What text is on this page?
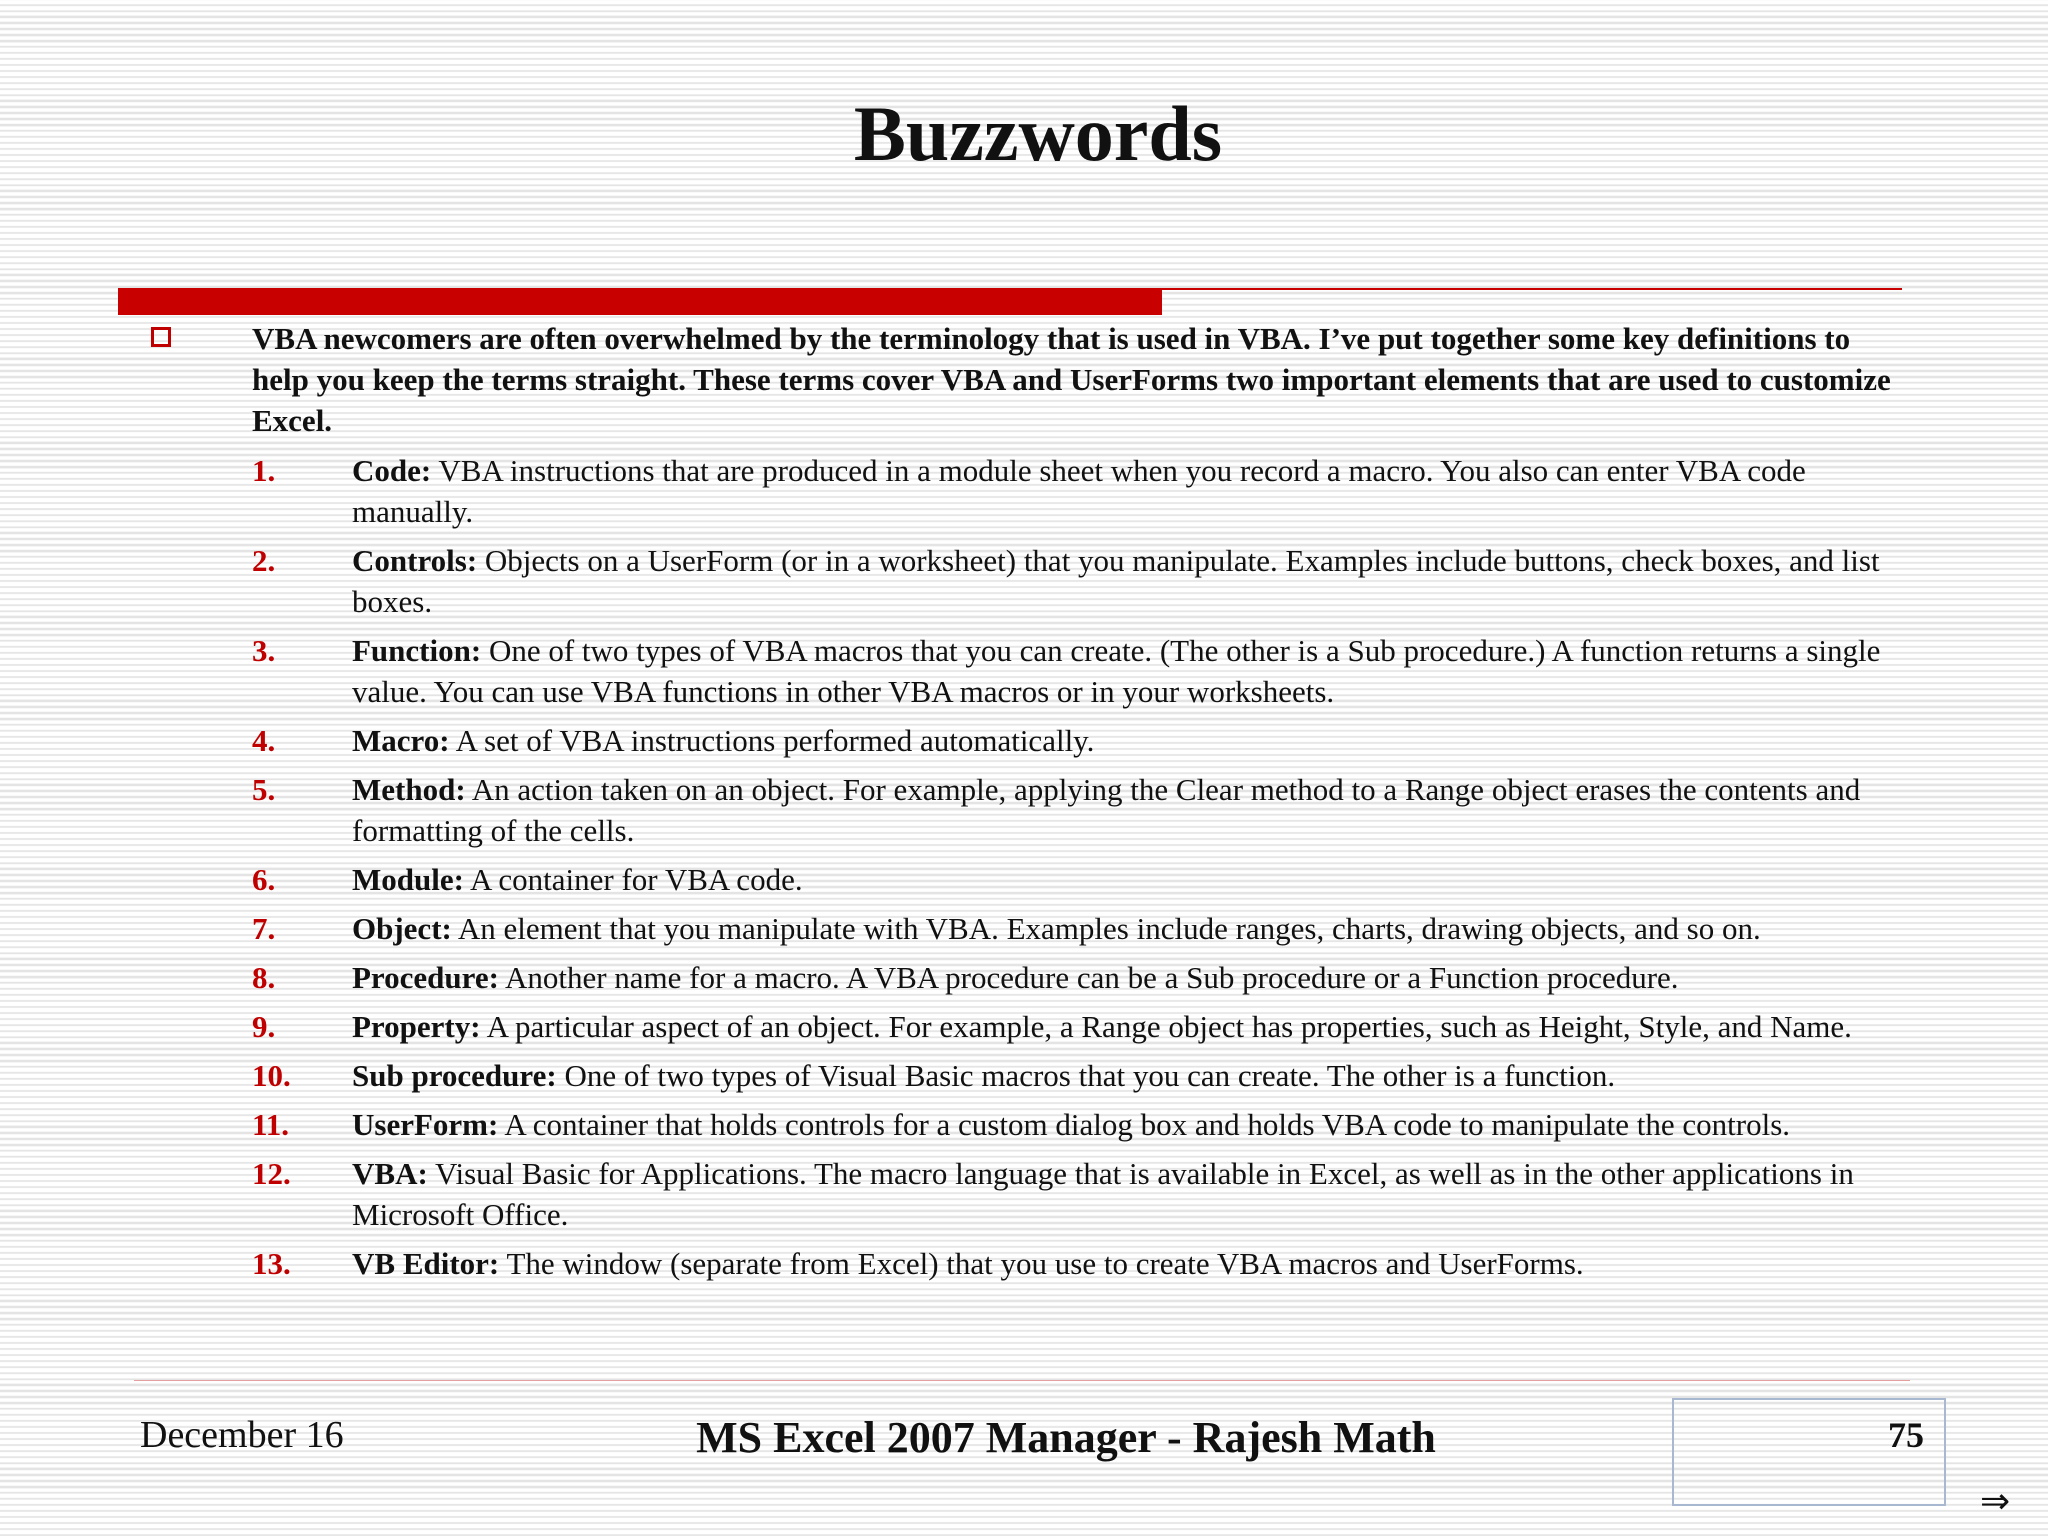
Buzzwords
VBA newcomers are often overwhelmed by the terminology that is used in VBA. I’ve put together some key definitions to help you keep the terms straight. These terms cover VBA and UserForms two important elements that are used to customize Excel.
1. Code: VBA instructions that are produced in a module sheet when you record a macro. You also can enter VBA code manually.
2. Controls: Objects on a UserForm (or in a worksheet) that you manipulate. Examples include buttons, check boxes, and list boxes.
3. Function: One of two types of VBA macros that you can create. (The other is a Sub procedure.) A function returns a single value. You can use VBA functions in other VBA macros or in your worksheets.
4. Macro: A set of VBA instructions performed automatically.
5. Method: An action taken on an object. For example, applying the Clear method to a Range object erases the contents and formatting of the cells.
6. Module: A container for VBA code.
7. Object: An element that you manipulate with VBA. Examples include ranges, charts, drawing objects, and so on.
8. Procedure: Another name for a macro. A VBA procedure can be a Sub procedure or a Function procedure.
9. Property: A particular aspect of an object. For example, a Range object has properties, such as Height, Style, and Name.
10. Sub procedure: One of two types of Visual Basic macros that you can create. The other is a function.
11. UserForm: A container that holds controls for a custom dialog box and holds VBA code to manipulate the controls.
12. VBA: Visual Basic for Applications. The macro language that is available in Excel, as well as in the other applications in Microsoft Office.
13. VB Editor: The window (separate from Excel) that you use to create VBA macros and UserForms.
December 16	MS Excel 2007 Manager - Rajesh Math	75
⇒
